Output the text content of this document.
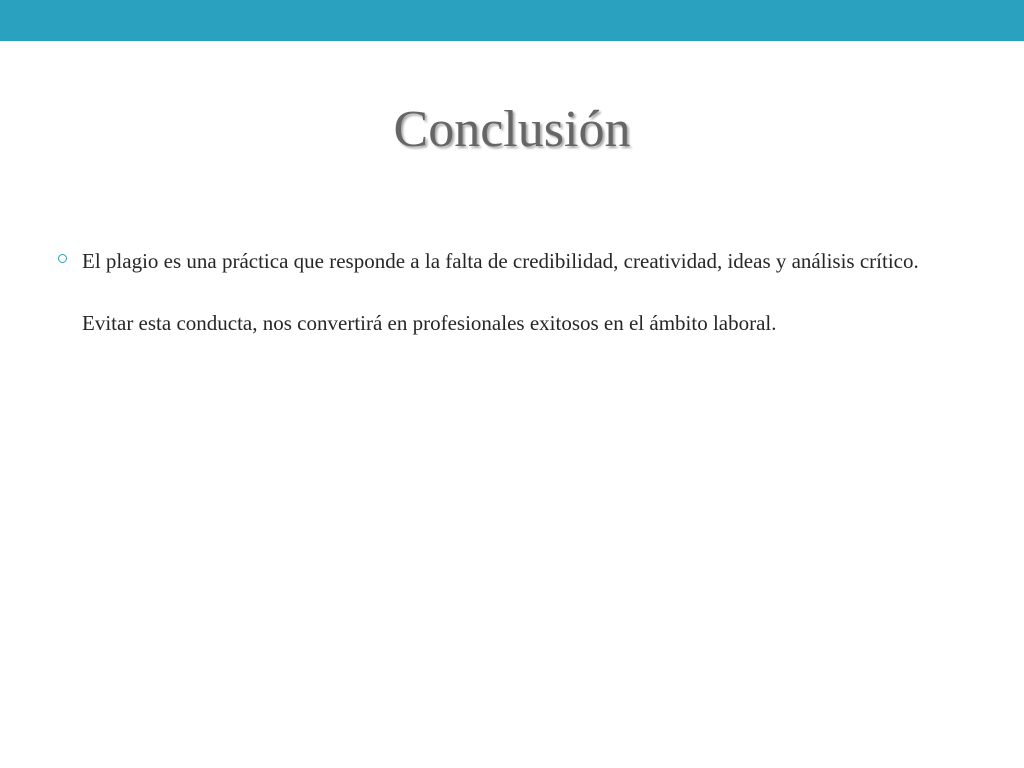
Conclusión
El plagio es una práctica que responde a la falta de credibilidad, creatividad, ideas y análisis crítico. Evitar esta conducta, nos convertirá en profesionales exitosos en el ámbito laboral.
